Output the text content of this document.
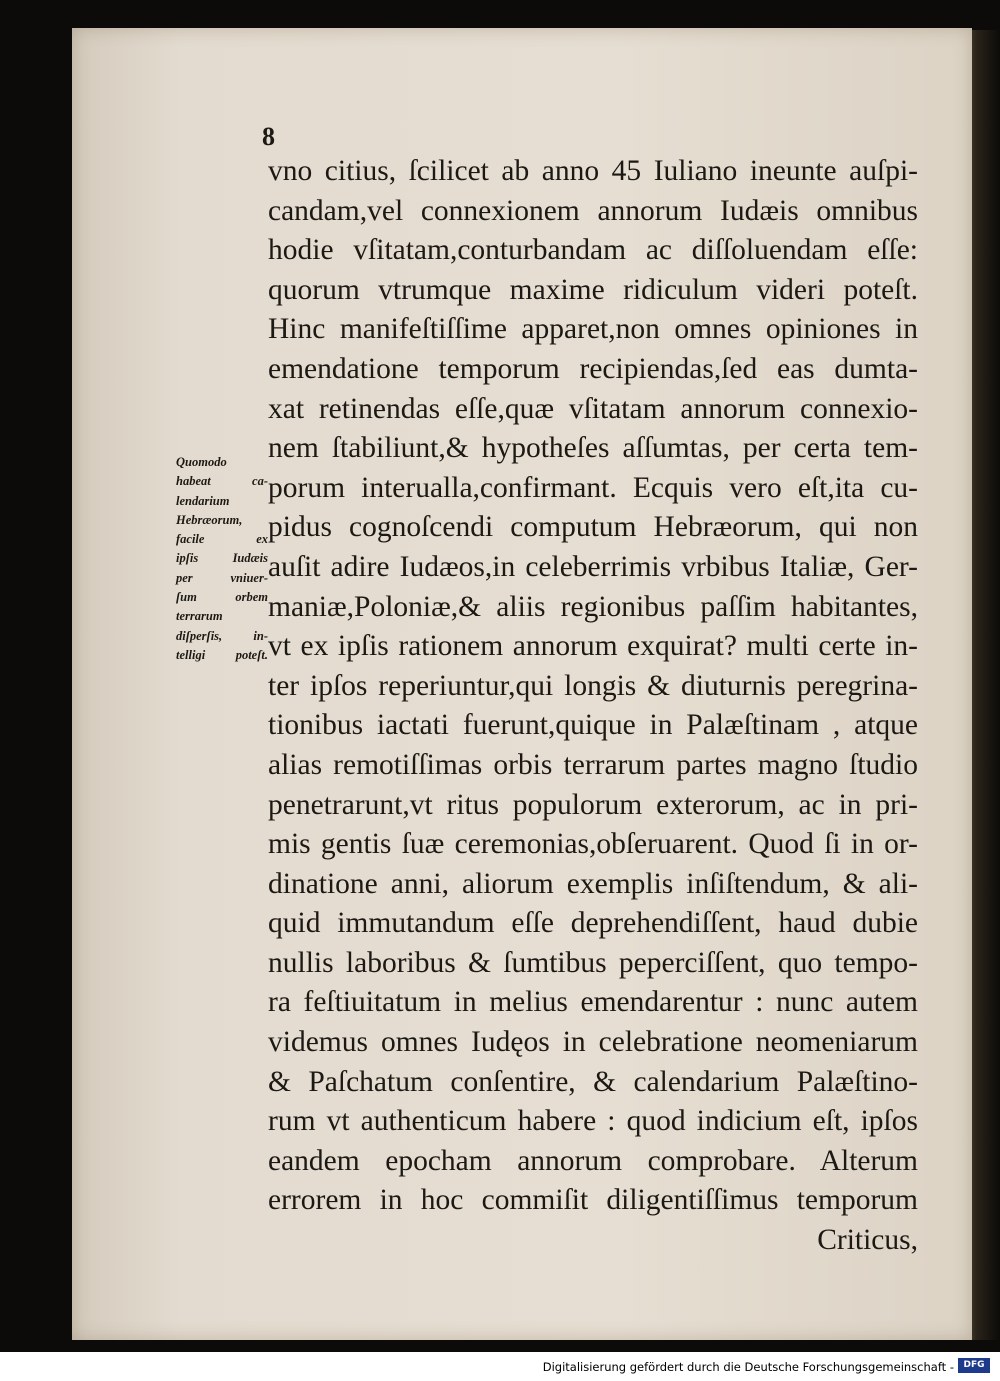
8
vno citius, ſcilicet ab anno 45 Iuliano ineunte auſpi-
candam,vel connexionem annorum Iudæis omnibus
hodie vſitatam,conturbandam ac diſſoluendam eſſe:
quorum vtrumque maxime ridiculum videri poteſt.
Hinc manifeſtiſſime apparet,non omnes opiniones in
emendatione temporum recipiendas,ſed eas dumta-
xat retinendas eſſe,quæ vſitatam annorum connexio-
nem ſtabiliunt,& hypotheſes aſſumtas, per certa tem-
porum interualla,confirmant. Ecquis vero eſt,ita cu-
pidus cognoſcendi computum Hebræorum, qui non
auſit adire Iudæos,in celeberrimis vrbibus Italiæ, Ger-
maniæ,Poloniæ,& aliis regionibus paſſim habitantes,
vt ex ipſis rationem annorum exquirat? multi certe in-
ter ipſos reperiuntur,qui longis & diuturnis peregrina-
tionibus iactati fuerunt,quique in Palæſtinam , atque
alias remotiſſimas orbis terrarum partes magno ſtudio
penetrarunt,vt ritus populorum exterorum, ac in pri-
mis gentis ſuæ ceremonias,obſeruarent. Quod ſi in or-
dinatione anni, aliorum exemplis inſiſtendum, & ali-
quid immutandum eſſe deprehendiſſent, haud dubie
nullis laboribus & ſumtibus peperciſſent, quo tempo-
ra feſtiuitatum in melius emendarentur : nunc autem
videmus omnes Iudęos in celebratione neomeniarum
& Paſchatum conſentire, & calendarium Palæſtino-
rum vt authenticum habere : quod indicium eſt, ipſos
eandem epocham annorum comprobare. Alterum
errorem in hoc commiſit diligentiſſimus temporum
Criticus,
Quomodo
habeat ca-
lendarium
Hebræorum,
facile ex
ipſis Iudæis
per vniuer-
ſum orbem
terrarum
diſperſis, in-
telligi poteſt.
Digitalisierung gefördert durch die Deutsche Forschungsgemeinschaft -	DFG
